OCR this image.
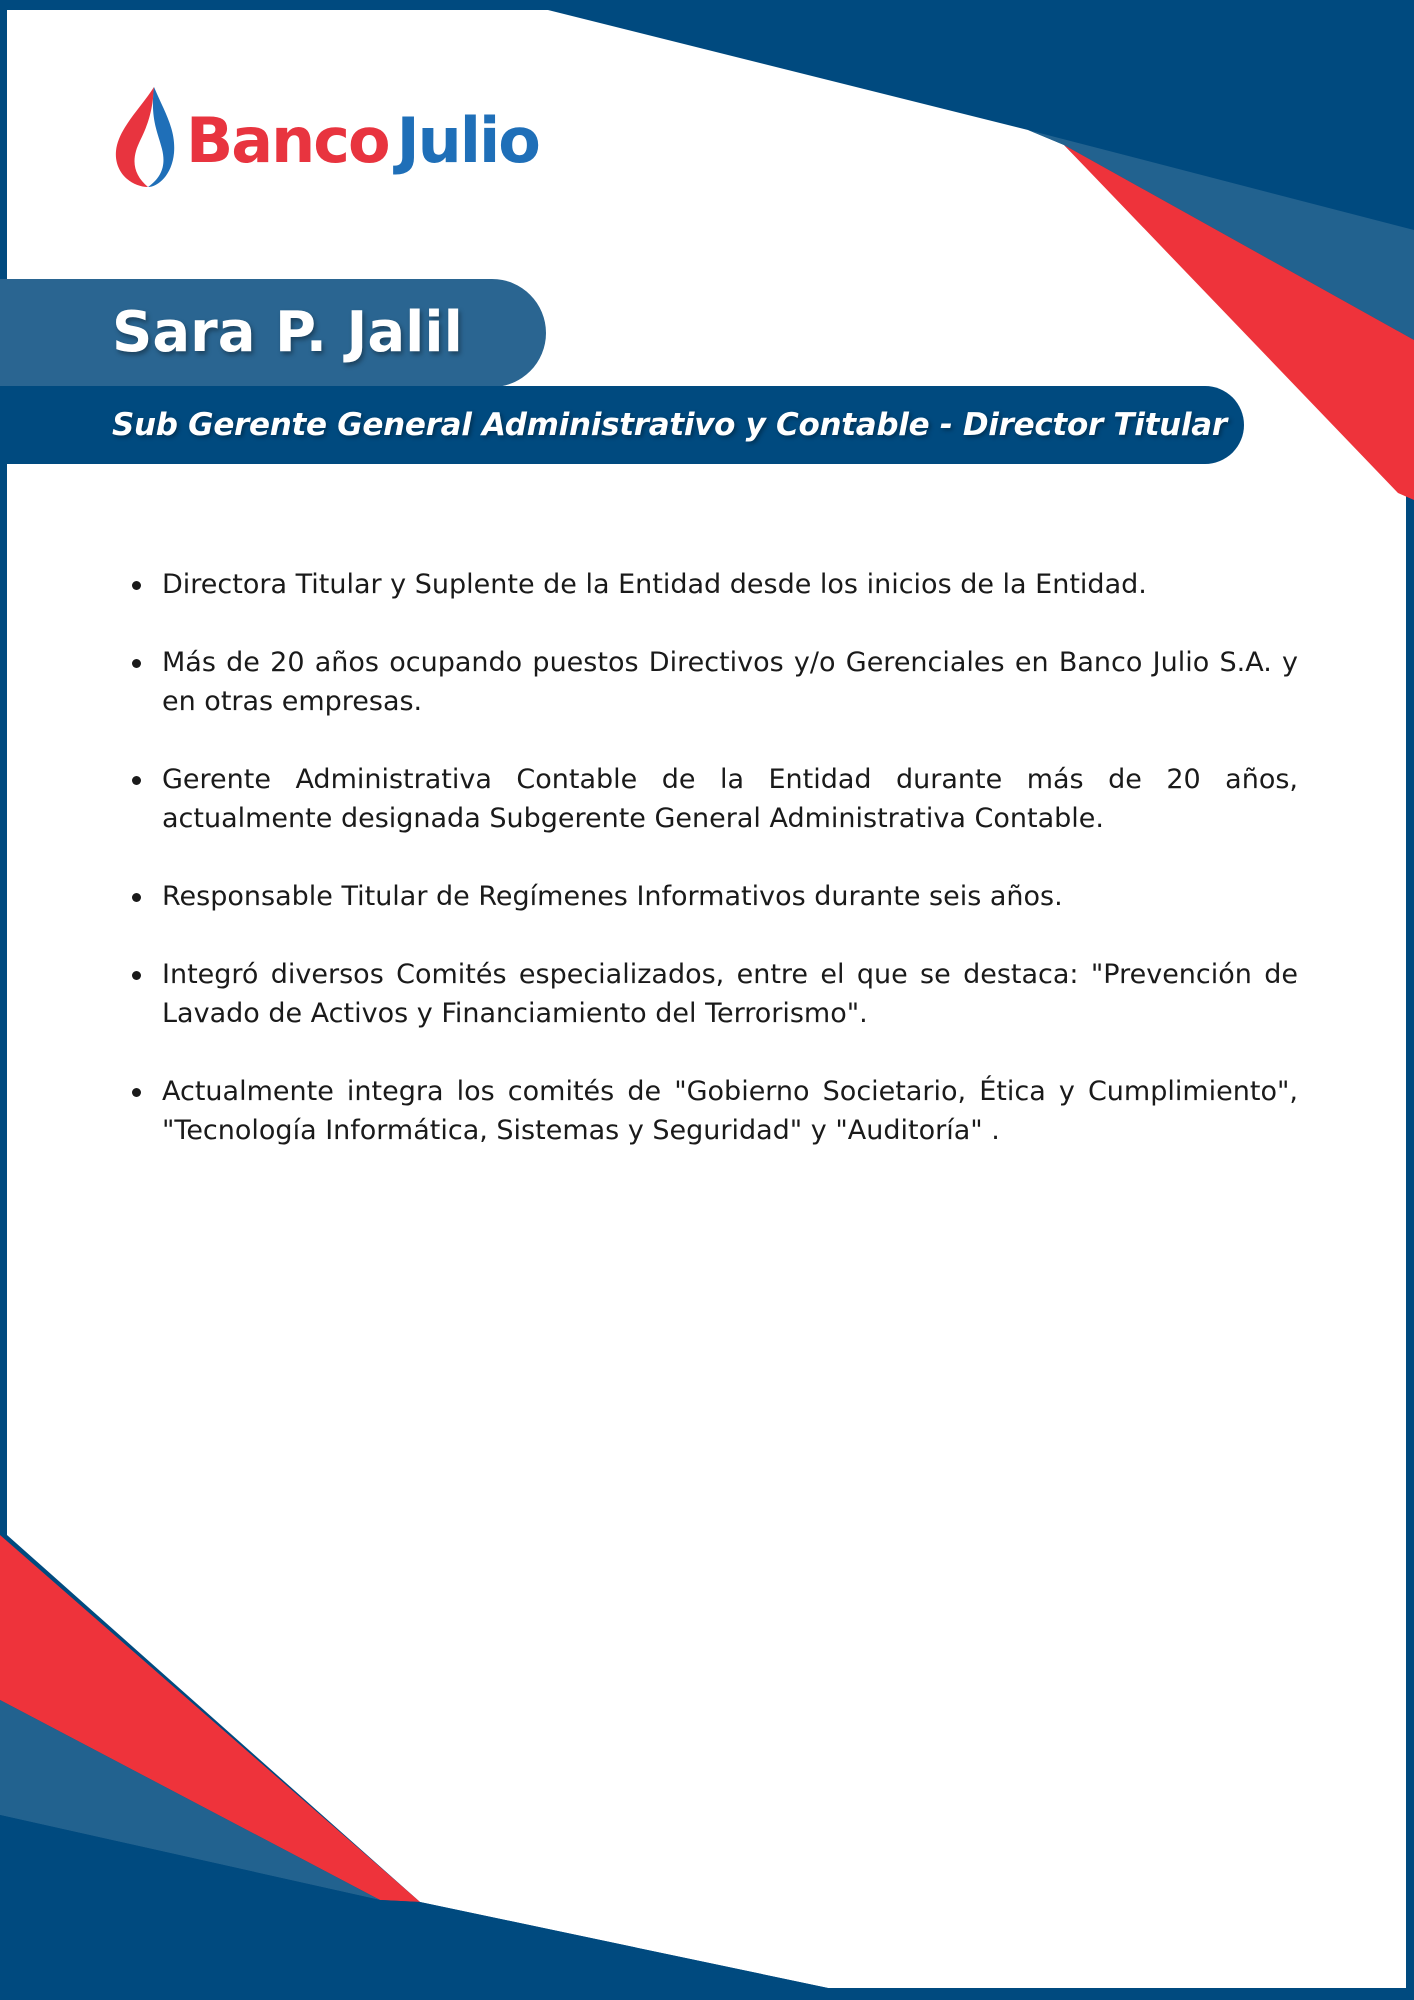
Banco Julio
Sara P. Jalil
Sub Gerente General Administrativo y Contable - Director Titular
Directora Titular y Suplente de la Entidad desde los inicios de la Entidad.
Más de 20 años ocupando puestos Directivos y/o Gerenciales en Banco Julio S.A. y en otras empresas.
Gerente Administrativa Contable de la Entidad durante más de 20 años, actualmente designada Subgerente General Administrativa Contable.
Responsable Titular de Regímenes Informativos durante seis años.
Integró diversos Comités especializados, entre el que se destaca: "Prevención de Lavado de Activos y Financiamiento del Terrorismo".
Actualmente integra los comités de "Gobierno Societario, Ética y Cumplimiento", "Tecnología Informática, Sistemas y Seguridad" y "Auditoría" .
